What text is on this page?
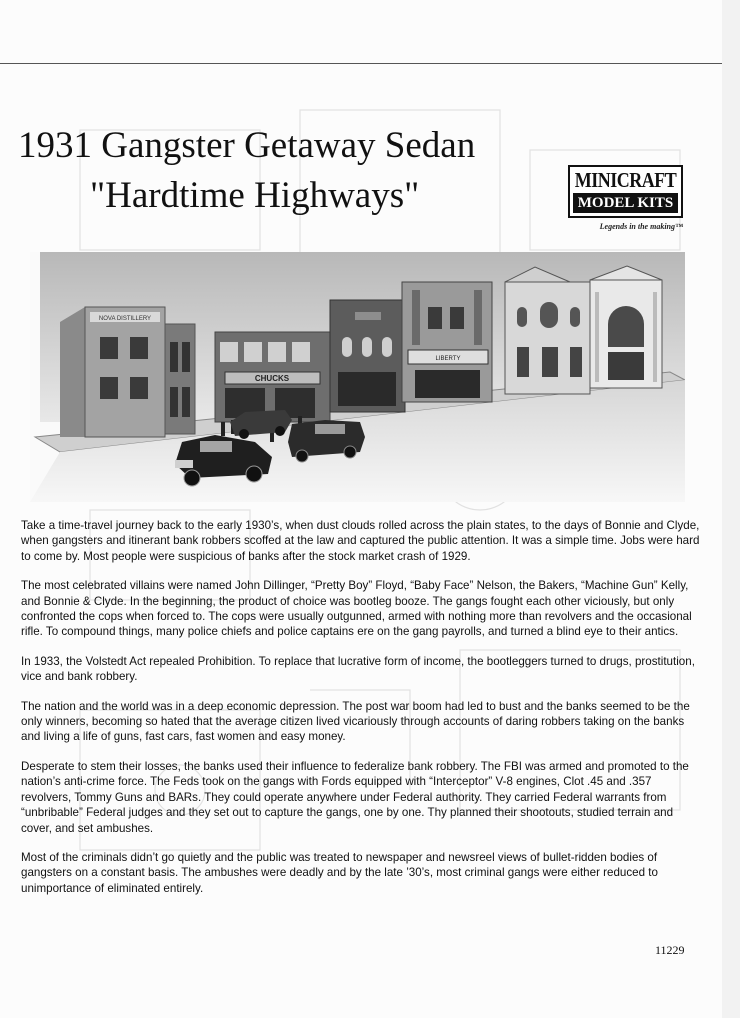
1931 Gangster Getaway Sedan
"Hardtime Highways"	MINICRAFT
MODEL KITS
Legends in the making™
NOVA DISTILLERY
CHUCKS
LIBERTY

Take a time-travel journey back to the early 1930’s, when dust clouds rolled across the plain states, to the days of Bonnie and Clyde, when gangsters and itinerant bank robbers scoffed at the law and captured the public attention. It was a simple time. Jobs were hard to come by. Most people were suspicious of banks after the stock market crash of 1929.

The most celebrated villains were named John Dillinger, “Pretty Boy” Floyd, “Baby Face” Nelson, the Bakers, “Machine Gun” Kelly, and Bonnie & Clyde. In the beginning, the product of choice was bootleg booze. The gangs fought each other viciously, but only confronted the cops when forced to. The cops were usually outgunned, armed with nothing more than revolvers and the occasional rifle. To compound things, many police chiefs and police captains ere on the gang payrolls, and turned a blind eye to their antics.

In 1933, the Volstedt Act repealed Prohibition. To replace that lucrative form of income, the bootleggers turned to drugs, prostitution, vice and bank robbery.

The nation and the world was in a deep economic depression. The post war boom had led to bust and the banks seemed to be the only winners, becoming so hated that the average citizen lived vicariously through accounts of daring robbers taking on the banks and living a life of guns, fast cars, fast women and easy money.

Desperate to stem their losses, the banks used their influence to federalize bank robbery. The FBI was armed and promoted to the nation’s anti-crime force. The Feds took on the gangs with Fords equipped with “Interceptor” V-8 engines, Clot .45 and .357 revolvers, Tommy Guns and BARs. They could operate anywhere under Federal authority. They carried Federal warrants from “unbribable” Federal judges and they set out to capture the gangs, one by one. Thy planned their shootouts, studied terrain and cover, and set ambushes.

Most of the criminals didn’t go quietly and the public was treated to newspaper and newsreel views of bullet-ridden bodies of gangsters on a constant basis. The ambushes were deadly and by the late ’30’s, most criminal gangs were either reduced to unimportance of eliminated entirely.

11229
